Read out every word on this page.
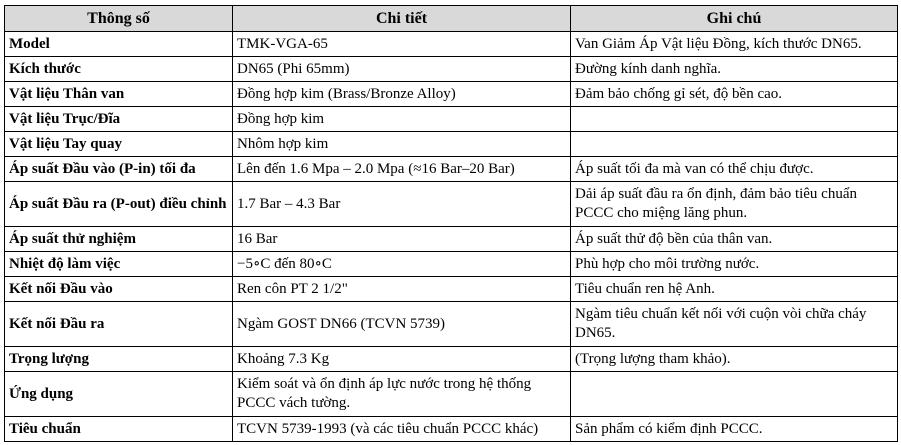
Thông số	Chi tiết	Ghi chú
Model	TMK-VGA-65	Van Giảm Áp Vật liệu Đồng, kích thước DN65.
Kích thước	DN65 (Phi 65mm)	Đường kính danh nghĩa.
Vật liệu Thân van	Đồng hợp kim (Brass/Bronze Alloy)	Đảm bảo chống gỉ sét, độ bền cao.
Vật liệu Trục/Đĩa	Đồng hợp kim	
Vật liệu Tay quay	Nhôm hợp kim	
Áp suất Đầu vào (P-in) tối đa	Lên đến 1.6 Mpa – 2.0 Mpa (≈16 Bar–20 Bar)	Áp suất tối đa mà van có thể chịu được.
Áp suất Đầu ra (P-out) điều chỉnh	1.7 Bar – 4.3 Bar	Dải áp suất đầu ra ổn định, đảm bảo tiêu chuẩn PCCC cho miệng lăng phun.
Áp suất thử nghiệm	16 Bar	Áp suất thử độ bền của thân van.
Nhiệt độ làm việc	−5∘C đến 80∘C	Phù hợp cho môi trường nước.
Kết nối Đầu vào	Ren côn PT 2 1/2"	Tiêu chuẩn ren hệ Anh.
Kết nối Đầu ra	Ngàm GOST DN66 (TCVN 5739)	Ngàm tiêu chuẩn kết nối với cuộn vòi chữa cháy DN65.
Trọng lượng	Khoảng 7.3 Kg	(Trọng lượng tham khảo).
Ứng dụng	Kiểm soát và ổn định áp lực nước trong hệ thống PCCC vách tường.	
Tiêu chuẩn	TCVN 5739-1993 (và các tiêu chuẩn PCCC khác)	Sản phẩm có kiểm định PCCC.
